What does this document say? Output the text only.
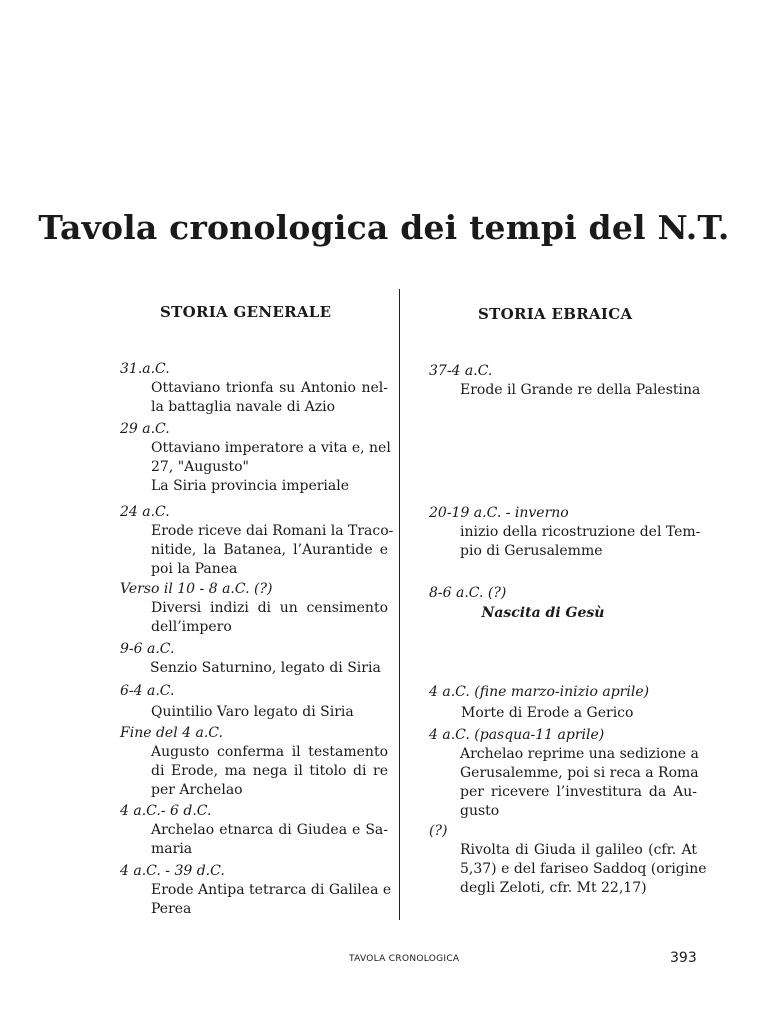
Tavola cronologica dei tempi del N.T.
STORIA GENERALE	STORIA EBRAICA
31.a.C.
Ottaviano trionfa su Antonio nel-
la battaglia navale di Azio
29 a.C.
Ottaviano imperatore a vita e, nel
27, "Augusto"
La Siria provincia imperiale
24 a.C.
Erode riceve dai Romani la Traco-
nitide, la Batanea, l’Aurantide e
poi la Panea
Verso il 10 - 8 a.C. (?)
Diversi indizi di un censimento
dell’impero
9-6 a.C.
Senzio Saturnino, legato di Siria
6-4 a.C.
Quintilio Varo legato di Siria
Fine del 4 a.C.
Augusto conferma il testamento
di Erode, ma nega il titolo di re
per Archelao
4 a.C.- 6 d.C.
Archelao etnarca di Giudea e Sa-
maria
4 a.C. - 39 d.C.
Erode Antipa tetrarca di Galilea e
Perea
37-4 a.C.
Erode il Grande re della Palestina
20-19 a.C. - inverno
inizio della ricostruzione del Tem-
pio di Gerusalemme
8-6 a.C. (?)
Nascita di Gesù
4 a.C. (fine marzo-inizio aprile)
Morte di Erode a Gerico
4 a.C. (pasqua-11 aprile)
Archelao reprime una sedizione a
Gerusalemme, poi si reca a Roma
per ricevere l’investitura da Au-
gusto
(?)
Rivolta di Giuda il galileo (cfr. At
5,37) e del fariseo Saddoq (origine
degli Zeloti, cfr. Mt 22,17)
TAVOLA CRONOLOGICA	393
